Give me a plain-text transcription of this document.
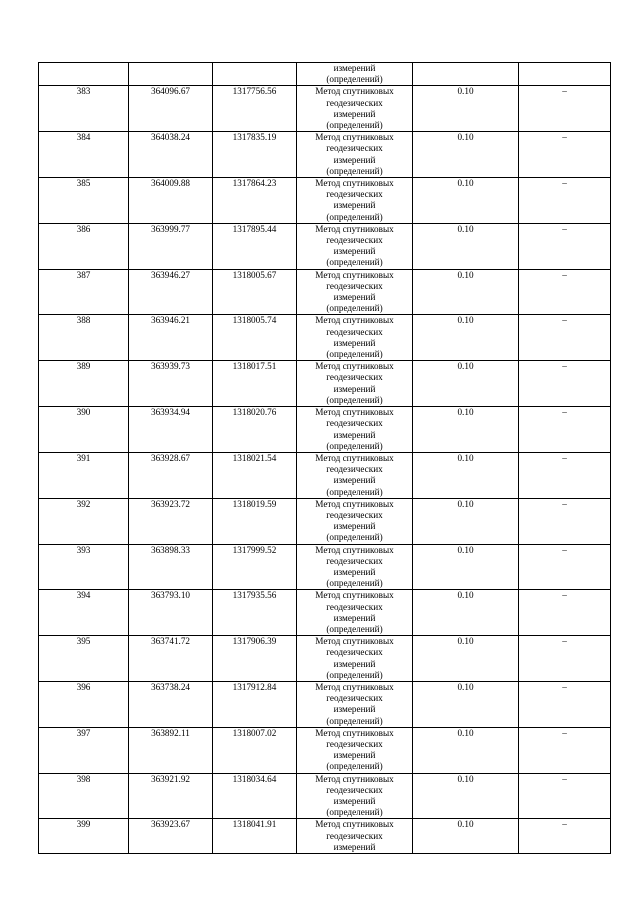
			измерений
(определений)		

383	364096.67	1317756.56	Метод спутниковых
геодезических
измерений
(определений)	0.10	–
384	364038.24	1317835.19	Метод спутниковых
геодезических
измерений
(определений)	0.10	–
385	364009.88	1317864.23	Метод спутниковых
геодезических
измерений
(определений)	0.10	–
386	363999.77	1317895.44	Метод спутниковых
геодезических
измерений
(определений)	0.10	–
387	363946.27	1318005.67	Метод спутниковых
геодезических
измерений
(определений)	0.10	–
388	363946.21	1318005.74	Метод спутниковых
геодезических
измерений
(определений)	0.10	–
389	363939.73	1318017.51	Метод спутниковых
геодезических
измерений
(определений)	0.10	–
390	363934.94	1318020.76	Метод спутниковых
геодезических
измерений
(определений)	0.10	–
391	363928.67	1318021.54	Метод спутниковых
геодезических
измерений
(определений)	0.10	–
392	363923.72	1318019.59	Метод спутниковых
геодезических
измерений
(определений)	0.10	–
393	363898.33	1317999.52	Метод спутниковых
геодезических
измерений
(определений)	0.10	–
394	363793.10	1317935.56	Метод спутниковых
геодезических
измерений
(определений)	0.10	–
395	363741.72	1317906.39	Метод спутниковых
геодезических
измерений
(определений)	0.10	–
396	363738.24	1317912.84	Метод спутниковых
геодезических
измерений
(определений)	0.10	–
397	363892.11	1318007.02	Метод спутниковых
геодезических
измерений
(определений)	0.10	–
398	363921.92	1318034.64	Метод спутниковых
геодезических
измерений
(определений)	0.10	–
399	363923.67	1318041.91	Метод спутниковых
геодезических
измерений	0.10	–
